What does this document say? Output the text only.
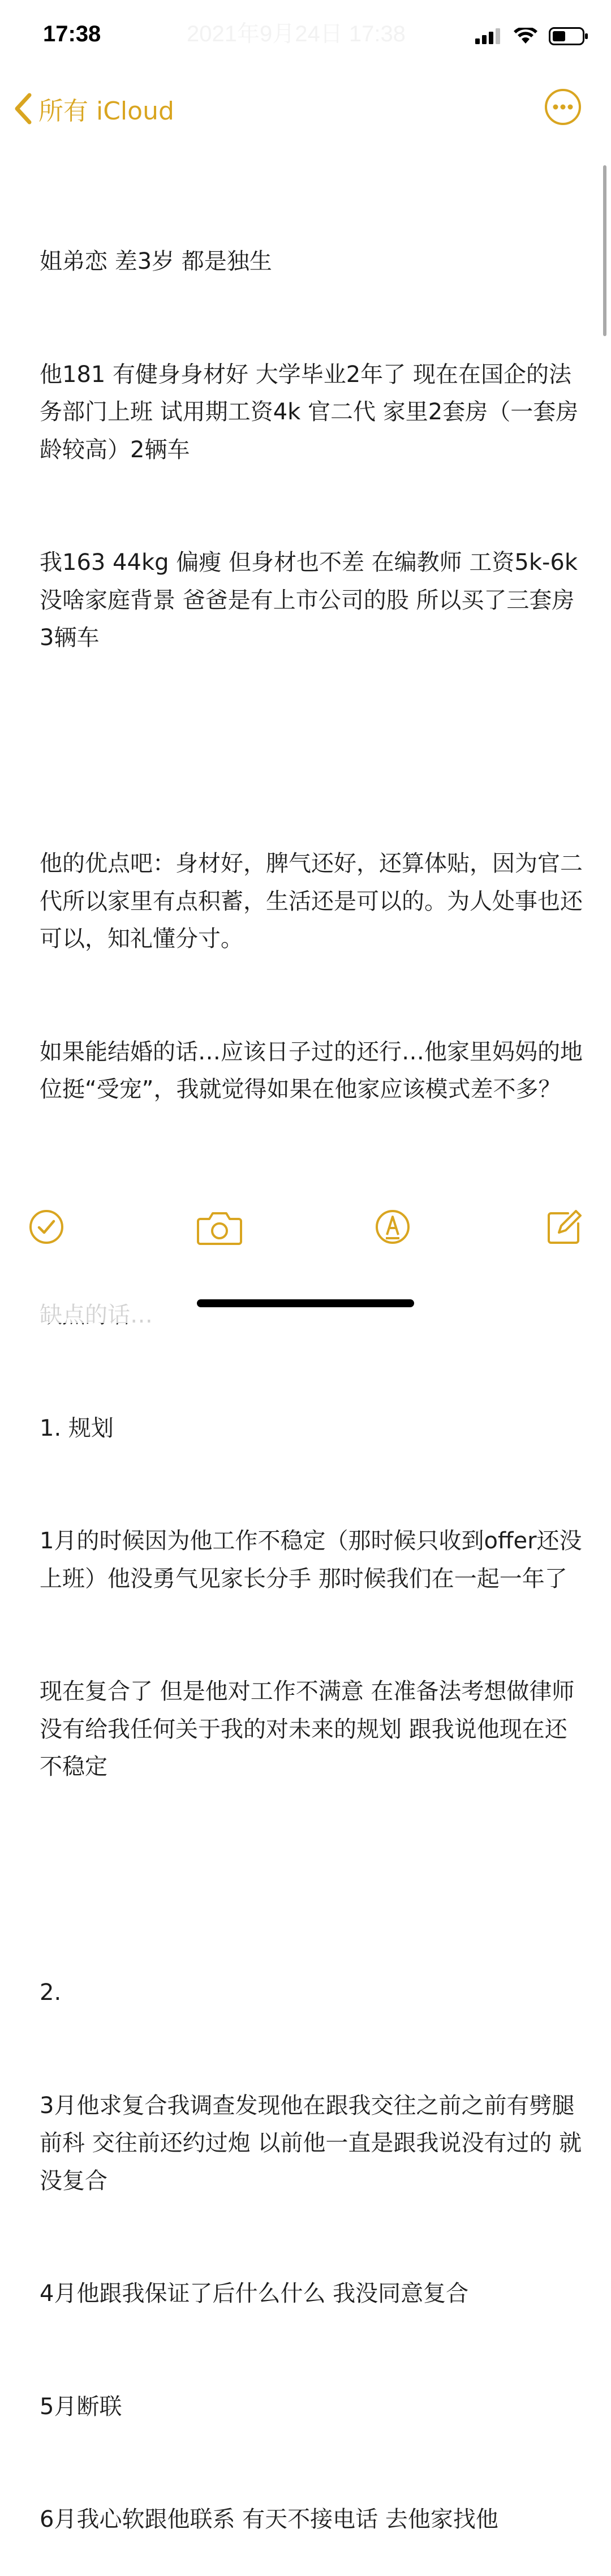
17:38	2021年9月24日 17:38
所有 iCloud

姐弟恋 差3岁 都是独生

他181 有健身身材好 大学毕业2年了 现在在国企的法务部门上班 试用期工资4k 官二代 家里2套房（一套房龄较高）2辆车

我163 44kg 偏瘦 但身材也不差 在编教师 工资5k-6k 没啥家庭背景 爸爸是有上市公司的股 所以买了三套房 3辆车

他的优点吧：身材好，脾气还好，还算体贴，因为官二代所以家里有点积蓄，生活还是可以的。为人处事也还可以，知礼懂分寸。

如果能结婚的话…应该日子过的还行…他家里妈妈的地位挺“受宠”，我就觉得如果在他家应该模式差不多？

1. 规划

1月的时候因为他工作不稳定（那时候只收到offer还没上班）他没勇气见家长分手 那时候我们在一起一年了

现在复合了 但是他对工作不满意 在准备法考想做律师 没有给我任何关于我的对未来的规划 跟我说他现在还不稳定

2.

3月他求复合我调查发现他在跟我交往之前之前有劈腿前科 交往前还约过炮 以前他一直是跟我说没有过的 就没复合

4月他跟我保证了后什么什么 我没同意复合

5月断联

6月我心软跟他联系 有天不接电话 去他家找他
